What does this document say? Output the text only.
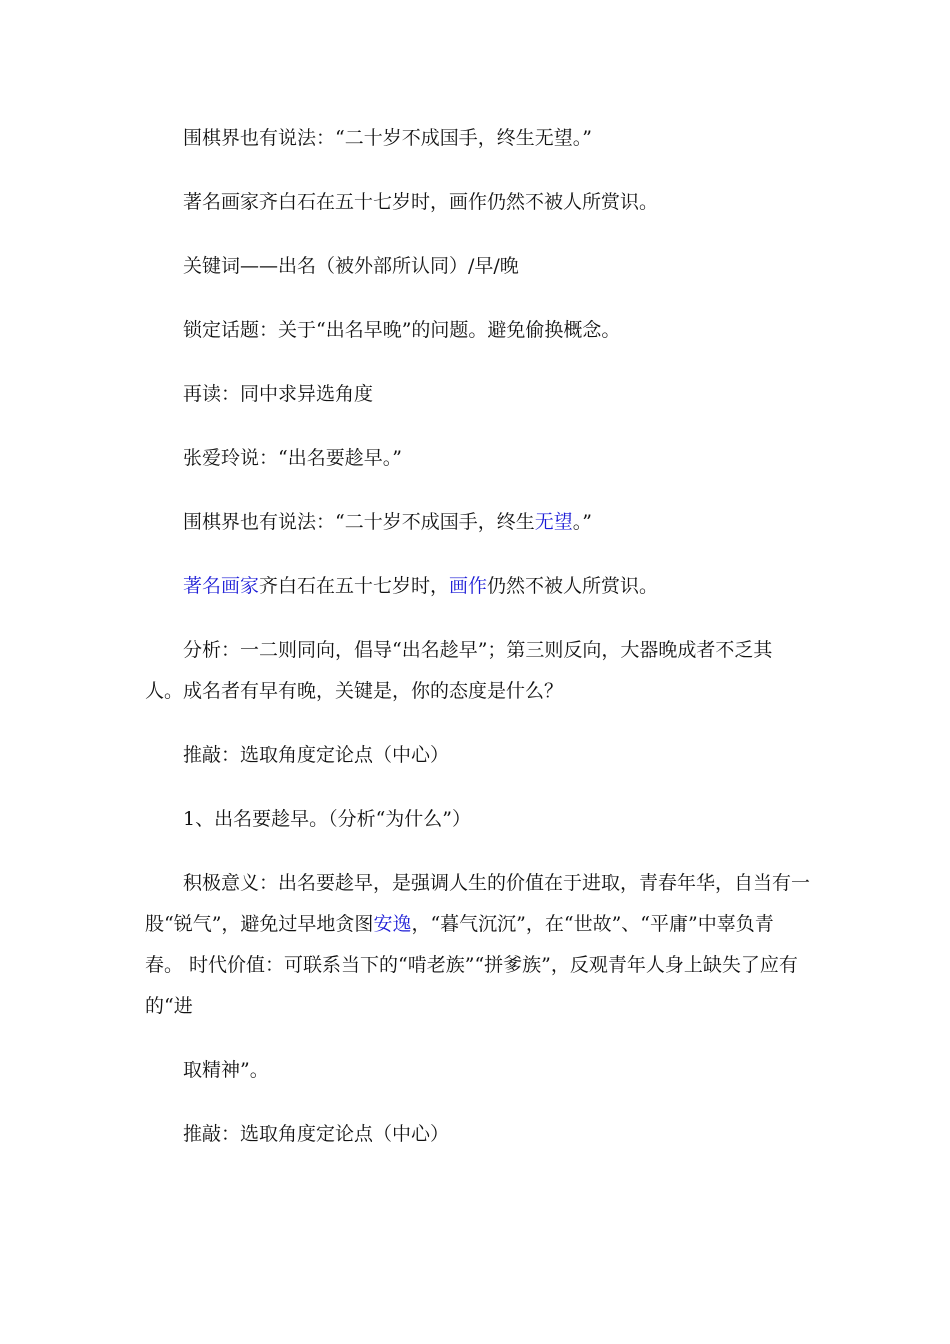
围棋界也有说法：“二十岁不成国手，终生无望。”

著名画家齐白石在五十七岁时，画作仍然不被人所赏识。

关键词——出名（被外部所认同）/早/晚

锁定话题：关于“出名早晚”的问题。避免偷换概念。

再读：同中求异选角度

张爱玲说：“出名要趁早。”

围棋界也有说法：“二十岁不成国手，终生无望。”

著名画家齐白石在五十七岁时，画作仍然不被人所赏识。

分析：一二则同向，倡导“出名趁早”；第三则反向，大器晚成者不乏其人。成名者有早有晚，关键是，你的态度是什么？

推敲：选取角度定论点（中心）

1、出名要趁早。（分析“为什么”）

积极意义：出名要趁早，是强调人生的价值在于进取，青春年华，自当有一股“锐气”，避免过早地贪图安逸，“暮气沉沉”，在“世故”、“平庸”中辜负青春。 时代价值：可联系当下的“啃老族”“拼爹族”，反观青年人身上缺失了应有的“进

取精神”。

推敲：选取角度定论点（中心）
